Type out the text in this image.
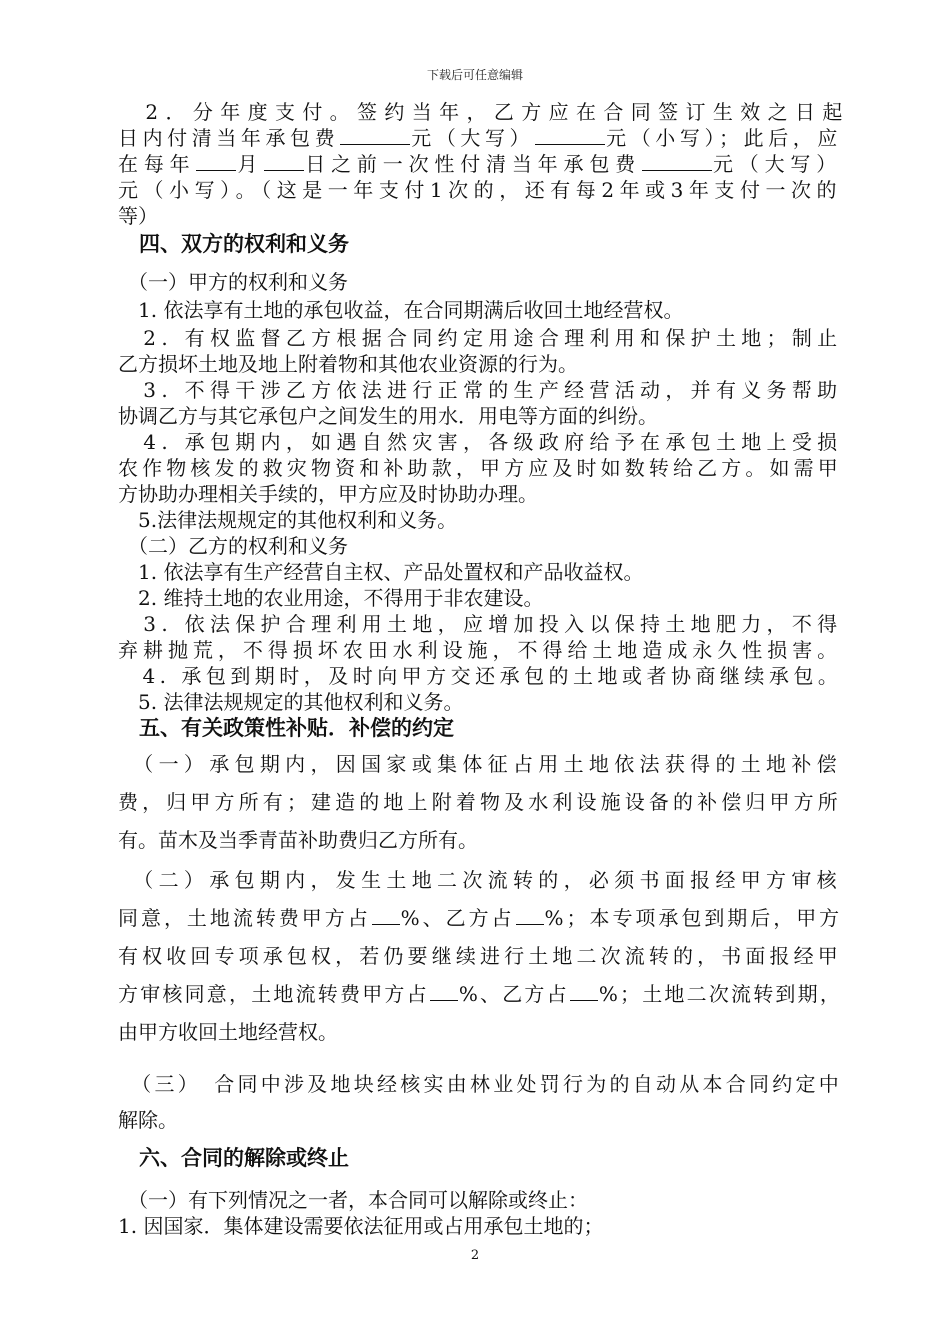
下载后可任意编辑
　2．分年度支付。签约当年，乙方应在合同签订生效之日起
日内付清当年承包费	元（大写）	元（小写）；此后，应
在每年 月 日之前一次性付清当年承包费	元（大写）
元（小写）。（这是一年支付1次的，还有每2年或3年支付一次的
等）
　四、双方的权利和义务
　（一）甲方的权利和义务
　1. 依法享有土地的承包收益，在合同期满后收回土地经营权。
　2. 有权监督乙方根据合同约定用途合理利用和保护土地；制止
乙方损坏土地及地上附着物和其他农业资源的行为。
　3. 不得干涉乙方依法进行正常的生产经营活动，并有义务帮助
协调乙方与其它承包户之间发生的用水．用电等方面的纠纷。
　4. 承包期内，如遇自然灾害，各级政府给予在承包土地上受损
农作物核发的救灾物资和补助款，甲方应及时如数转给乙方。如需甲
方协助办理相关手续的，甲方应及时协助办理。
　5.法律法规规定的其他权利和义务。
　（二）乙方的权利和义务
　1. 依法享有生产经营自主权、产品处置权和产品收益权。
　2. 维持土地的农业用途，不得用于非农建设。
　3. 依法保护合理利用土地，应增加投入以保持土地肥力，不得
弃耕抛荒，不得损坏农田水利设施，不得给土地造成永久性损害。
　4. 承包到期时，及时向甲方交还承包的土地或者协商继续承包。
　5. 法律法规规定的其他权利和义务。
　五、有关政策性补贴．补偿的约定
　（一）承包期内，因国家或集体征占用土地依法获得的土地补偿
费，归甲方所有；建造的地上附着物及水利设施设备的补偿归甲方所
有。苗木及当季青苗补助费归乙方所有。
　（二）承包期内，发生土地二次流转的，必须书面报经甲方审核
同意，土地流转费甲方占 %、乙方占 %；本专项承包到期后，甲方
有权收回专项承包权，若仍要继续进行土地二次流转的，书面报经甲
方审核同意，土地流转费甲方占 %、乙方占 %；土地二次流转到期，
由甲方收回土地经营权。
　（三）　合同中涉及地块经核实由林业处罚行为的自动从本合同约定中
解除。
　六、合同的解除或终止
　（一）有下列情况之一者，本合同可以解除或终止：
1. 因国家．集体建设需要依法征用或占用承包土地的；
2
